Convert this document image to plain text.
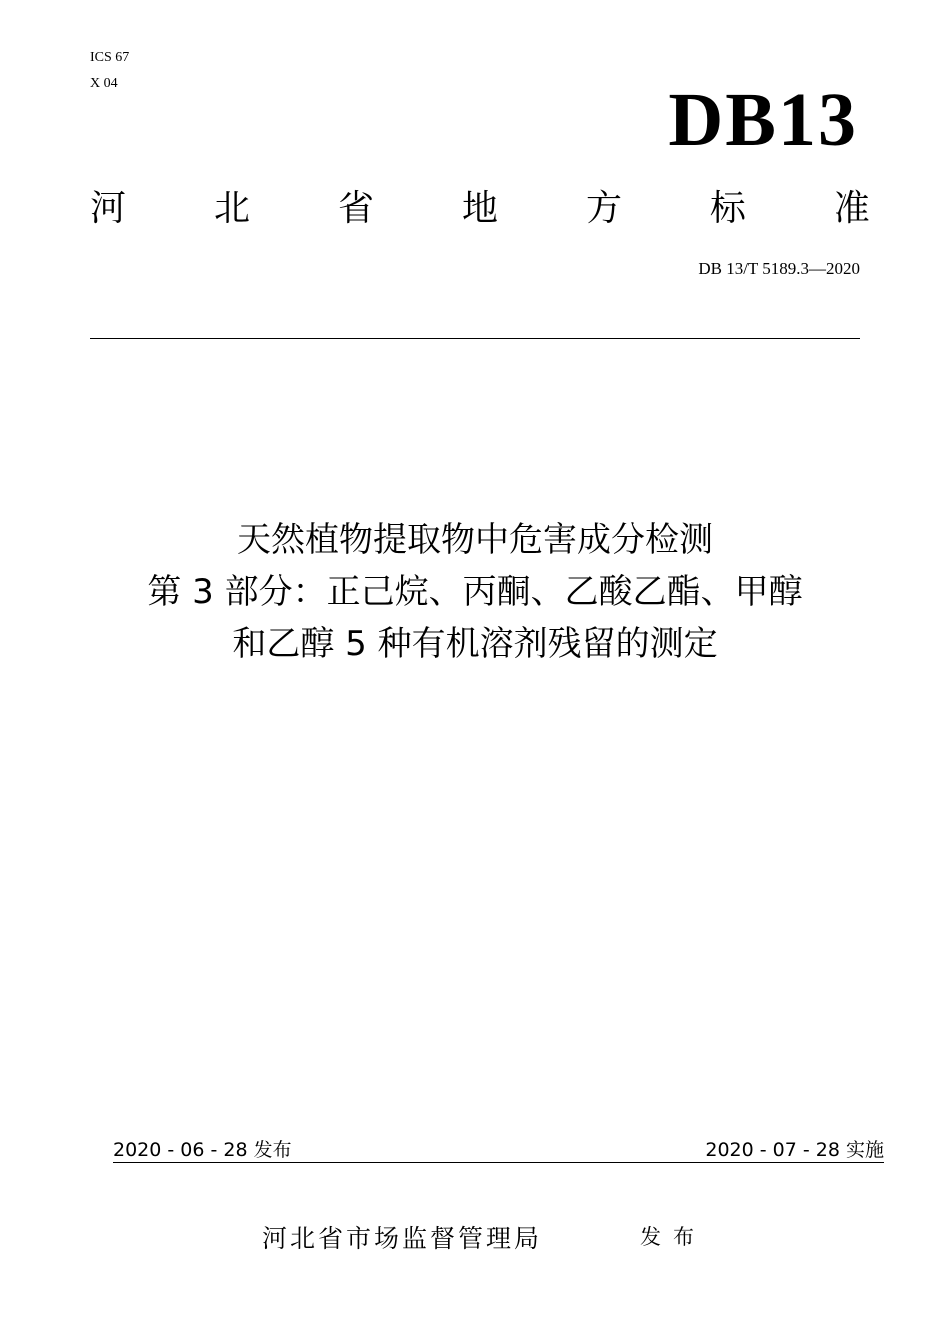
ICS 67
X 04	DB13
河 北 省 地 方 标 准
DB 13/T 5189.3—2020
天然植物提取物中危害成分检测
第 3 部分：正己烷、丙酮、乙酸乙酯、甲醇
和乙醇 5 种有机溶剂残留的测定
2020 - 06 - 28 发布	2020 - 07 - 28 实施
河北省市场监督管理局	发布
